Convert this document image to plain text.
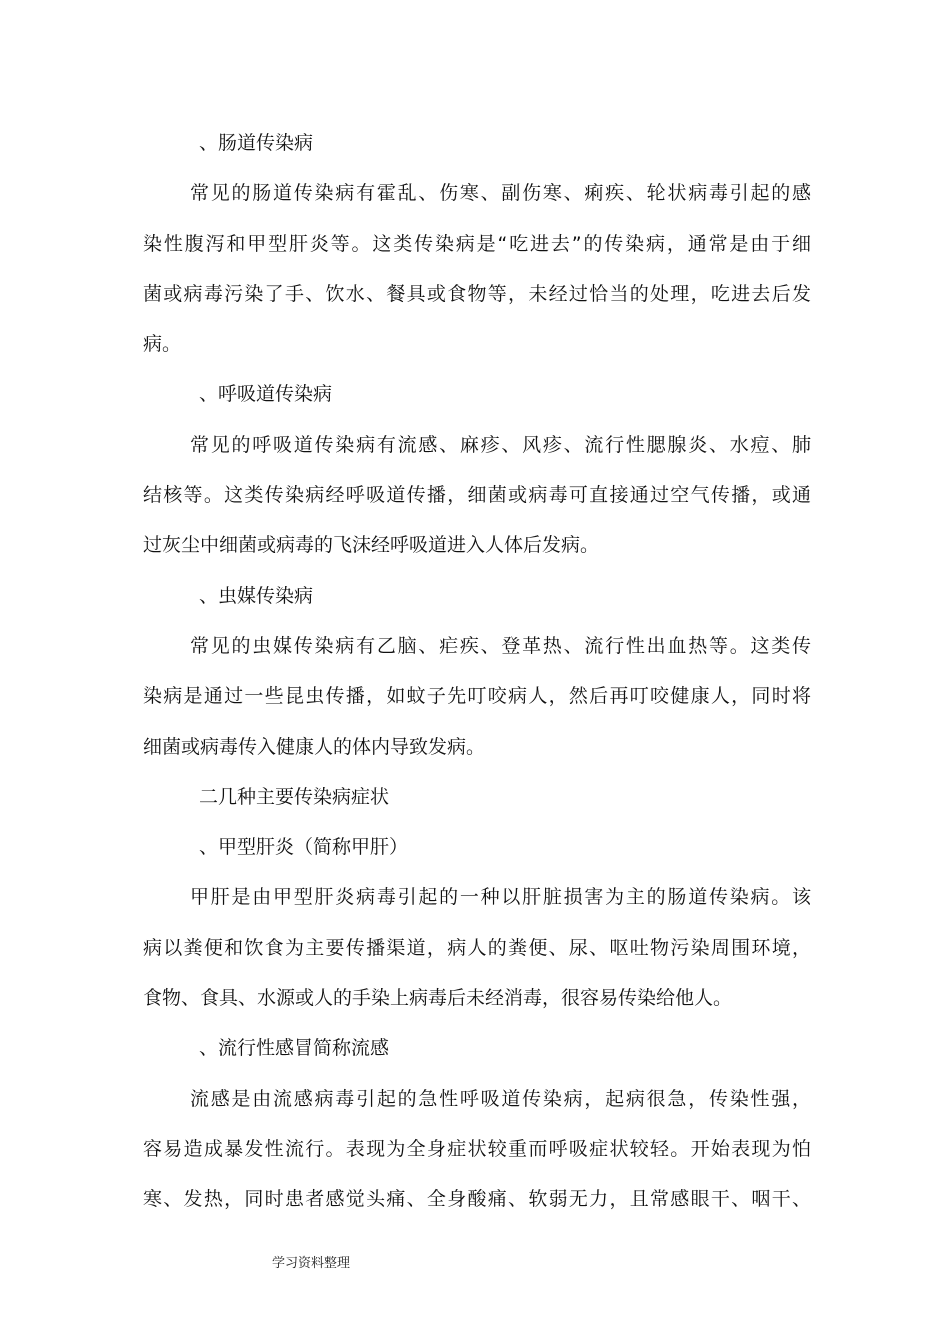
、肠道传染病
常见的肠道传染病有霍乱、伤寒、副伤寒、痢疾、轮状病毒引起的感
染性腹泻和甲型肝炎等。这类传染病是“吃进去”的传染病，通常是由于细
菌或病毒污染了手、饮水、餐具或食物等，未经过恰当的处理，吃进去后发
病。
、呼吸道传染病
常见的呼吸道传染病有流感、麻疹、风疹、流行性腮腺炎、水痘、肺
结核等。这类传染病经呼吸道传播，细菌或病毒可直接通过空气传播，或通
过灰尘中细菌或病毒的飞沫经呼吸道进入人体后发病。
、虫媒传染病
常见的虫媒传染病有乙脑、疟疾、登革热、流行性出血热等。这类传
染病是通过一些昆虫传播，如蚊子先叮咬病人，然后再叮咬健康人，同时将
细菌或病毒传入健康人的体内导致发病。
二几种主要传染病症状
、甲型肝炎（简称甲肝）
甲肝是由甲型肝炎病毒引起的一种以肝脏损害为主的肠道传染病。该
病以粪便和饮食为主要传播渠道，病人的粪便、尿、呕吐物污染周围环境，
食物、食具、水源或人的手染上病毒后未经消毒，很容易传染给他人。
、流行性感冒简称流感
流感是由流感病毒引起的急性呼吸道传染病，起病很急，传染性强，
容易造成暴发性流行。表现为全身症状较重而呼吸症状较轻。开始表现为怕
寒、发热，同时患者感觉头痛、全身酸痛、软弱无力，且常感眼干、咽干、
学习资料整理
